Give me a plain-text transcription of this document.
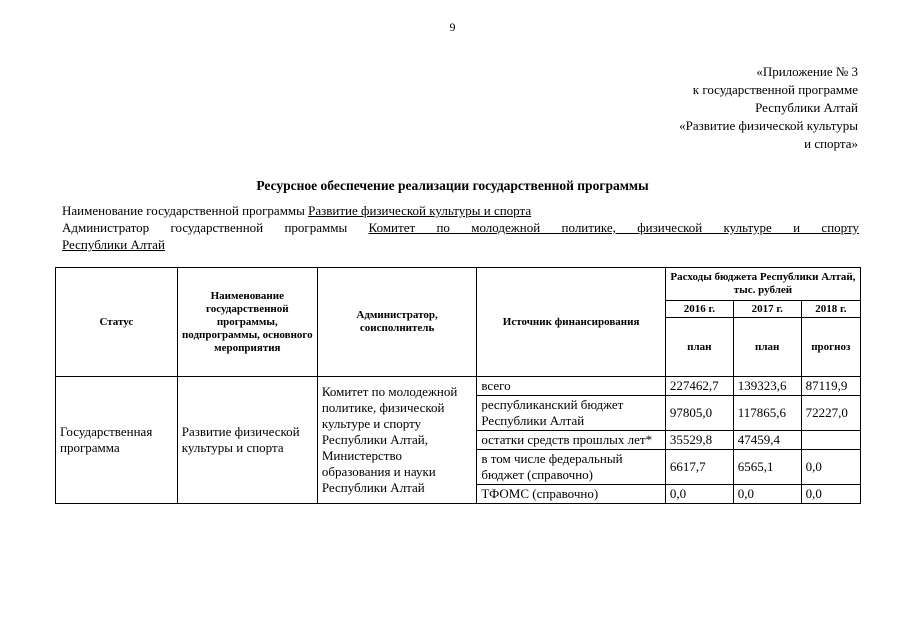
9
«Приложение № 3
к государственной программе
Республики Алтай
«Развитие физической культуры
и спорта»
Ресурсное обеспечение реализации государственной программы
Наименование государственной программы Развитие физической культуры и спорта
Администратор государственной программы Комитет по молодежной политике, физической культуре и спорту
Республики Алтай
Статус	Наименование государственной программы, подпрограммы, основного мероприятия	Администратор, соисполнитель	Источник финансирования	Расходы бюджета Республики Алтай, тыс. рублей		
				2016 г.	2017 г.	2018 г.
				план	план	прогноз
Государственная программа	Развитие физической культуры и спорта	Комитет по молодежной политике, физической культуре и спорту Республики Алтай, Министерство образования и науки Республики Алтай	всего	227462,7	139323,6	87119,9
			республиканский бюджет Республики Алтай	97805,0	117865,6	72227,0
			остатки средств прошлых лет*	35529,8	47459,4	
			в том числе федеральный бюджет (справочно)	6617,7	6565,1	0,0
			ТФОМС (справочно)	0,0	0,0	0,0
